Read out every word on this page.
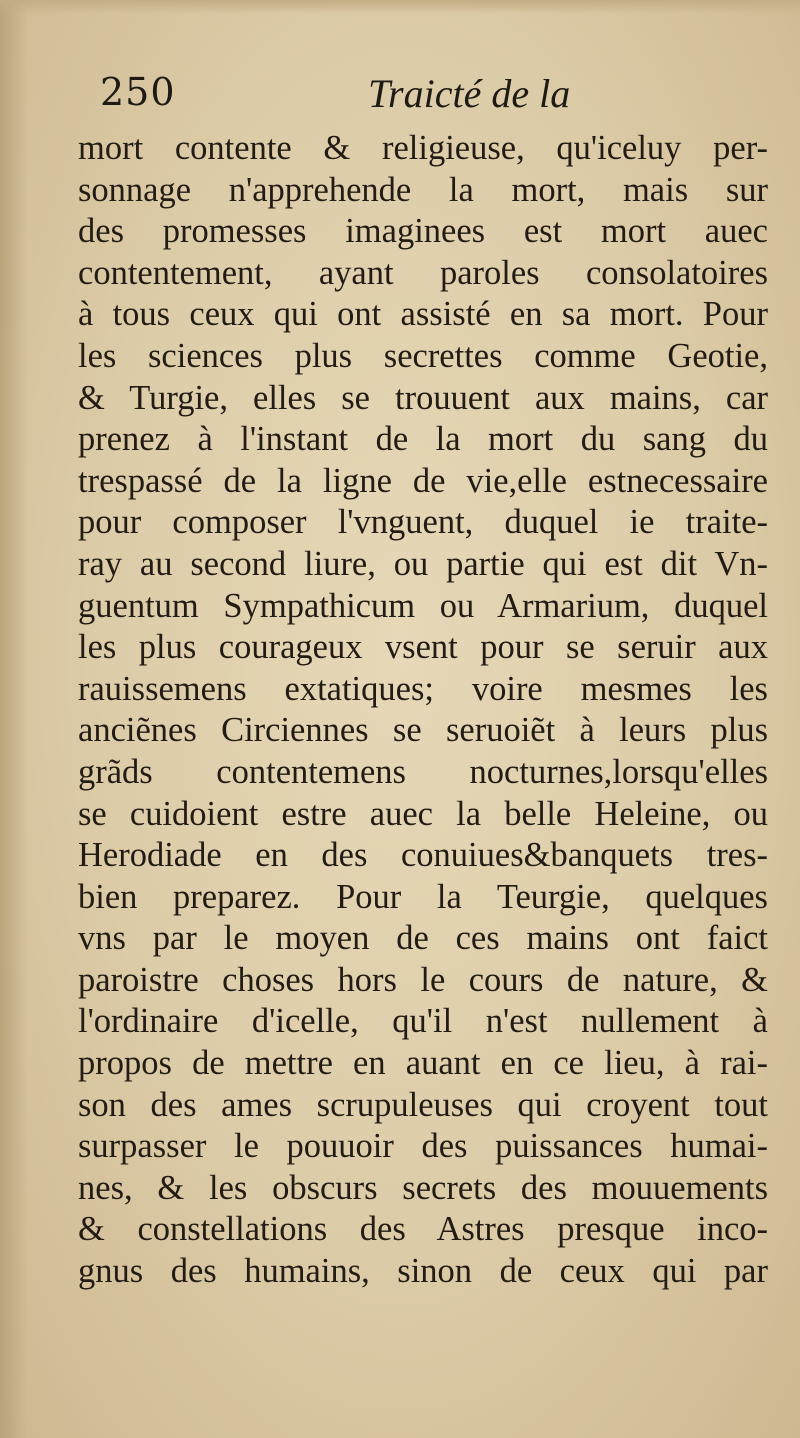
250	Traicté de la
mort contente & religieuse, qu'iceluy per-
sonnage n'apprehende la mort, mais sur
des promesses imaginees est mort auec
contentement, ayant paroles consolatoires
à tous ceux qui ont assisté en sa mort. Pour
les sciences plus secrettes comme Geotie,
& Turgie, elles se trouuent aux mains, car
prenez à l'instant de la mort du sang du
trespassé de la ligne de vie,elle estnecessaire
pour composer l'vnguent, duquel ie traite-
ray au second liure, ou partie qui est dit Vn-
guentum Sympathicum ou Armarium, duquel
les plus courageux vsent pour se seruir aux
rauissemens extatiques; voire mesmes les
anciẽnes Circiennes se seruoiẽt à leurs plus
grãds contentemens nocturnes,lorsqu'elles
se cuidoient estre auec la belle Heleine, ou
Herodiade en des conuiues&banquets tres-
bien preparez. Pour la Teurgie, quelques
vns par le moyen de ces mains ont faict
paroistre choses hors le cours de nature, &
l'ordinaire d'icelle, qu'il n'est nullement à
propos de mettre en auant en ce lieu, à rai-
son des ames scrupuleuses qui croyent tout
surpasser le pouuoir des puissances humai-
nes, & les obscurs secrets des mouuements
& constellations des Astres presque inco-
gnus des humains, sinon de ceux qui par
